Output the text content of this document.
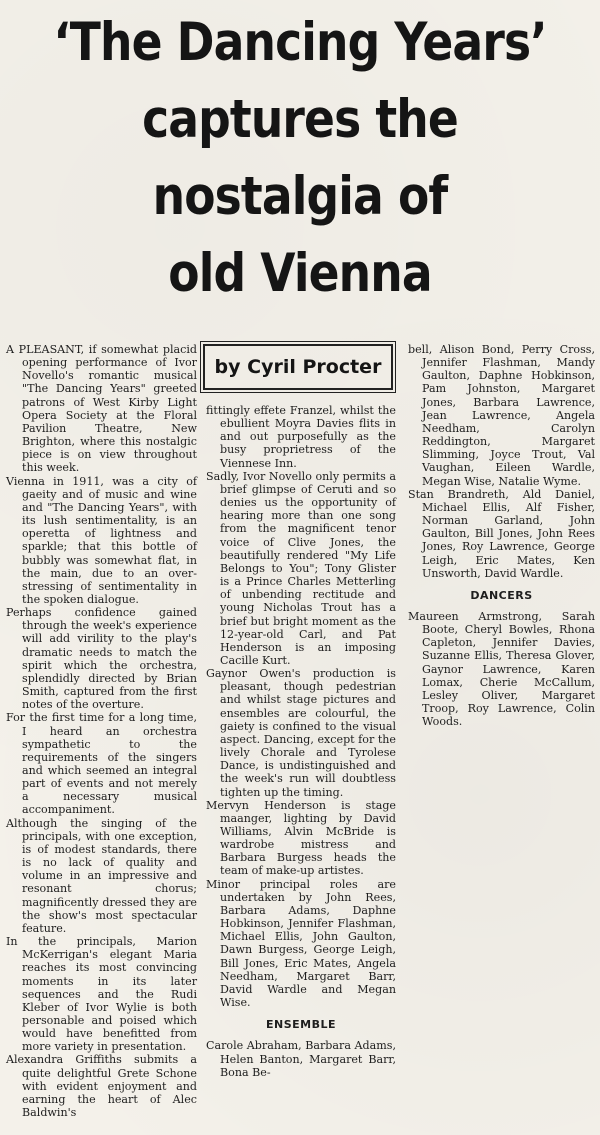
‘The Dancing Years’
captures the
nostalgia of
old Vienna
by Cyril Procter

A PLEASANT, if somewhat placid opening performance of Ivor Novello's romantic musical "The Dancing Years" greeted patrons of West Kirby Light Opera Society at the Floral Pavilion Theatre, New Brighton, where this nostalgic piece is on view throughout this week.

Vienna in 1911, was a city of gaeity and of music and wine and "The Dancing Years", with its lush sentimentality, is an operetta of lightness and sparkle; that this bottle of bubbly was somewhat flat, in the main, due to an over-stressing of sentimentality in the spoken dialogue.

Perhaps confidence gained through the week's experience will add virility to the play's dramatic needs to match the spirit which the orchestra, splendidly directed by Brian Smith, captured from the first notes of the overture.

For the first time for a long time, I heard an orchestra sympathetic to the requirements of the singers and which seemed an integral part of events and not merely a necessary musical accompaniment.

Although the singing of the principals, with one exception, is of modest standards, there is no lack of quality and volume in an impressive and resonant chorus; magnificently dressed they are the show's most spectacular feature.

In the principals, Marion McKerrigan's elegant Maria reaches its most convincing moments in its later sequences and the Rudi Kleber of Ivor Wylie is both personable and poised which would have benefitted from more variety in presentation.

Alexandra Griffiths submits a quite delightful Grete Schone with evident enjoyment and earning the heart of Alec Baldwin's

fittingly effete Franzel, whilst the ebullient Moyra Davies flits in and out purposefully as the busy proprietress of the Viennese Inn.

Sadly, Ivor Novello only permits a brief glimpse of Ceruti and so denies us the opportunity of hearing more than one song from the magnificent tenor voice of Clive Jones, the beautifully rendered "My Life Belongs to You"; Tony Glister is a Prince Charles Metterling of unbending rectitude and young Nicholas Trout has a brief but bright moment as the 12-year-old Carl, and Pat Henderson is an imposing Cacille Kurt.

Gaynor Owen's production is pleasant, though pedestrian and whilst stage pictures and ensembles are colourful, the gaiety is confined to the visual aspect. Dancing, except for the lively Chorale and Tyrolese Dance, is undistinguished and the week's run will doubtless tighten up the timing.

Mervyn Henderson is stage maanger, lighting by David Williams, Alvin McBride is wardrobe mistress and Barbara Burgess heads the team of make-up artistes.

Minor principal roles are undertaken by John Rees, Barbara Adams, Daphne Hobkinson, Jennifer Flashman, Michael Ellis, John Gaulton, Dawn Burgess, George Leigh, Bill Jones, Eric Mates, Angela Needham, Margaret Barr, David Wardle and Megan Wise.

ENSEMBLE

Carole Abraham, Barbara Adams, Helen Banton, Margaret Barr, Bona Be-

bell, Alison Bond, Perry Cross, Jennifer Flashman, Mandy Gaulton, Daphne Hobkinson, Pam Johnston, Margaret Jones, Barbara Lawrence, Jean Lawrence, Angela Needham, Carolyn Reddington, Margaret Slimming, Joyce Trout, Val Vaughan, Eileen Wardle, Megan Wise, Natalie Wyme.

Stan Brandreth, Ald Daniel, Michael Ellis, Alf Fisher, Norman Garland, John Gaulton, Bill Jones, John Rees Jones, Roy Lawrence, George Leigh, Eric Mates, Ken Unsworth, David Wardle.

DANCERS

Maureen Armstrong, Sarah Boote, Cheryl Bowles, Rhona Capleton, Jennifer Davies, Suzanne Ellis, Theresa Glover, Gaynor Lawrence, Karen Lomax, Cherie McCallum, Lesley Oliver, Margaret Troop, Roy Lawrence, Colin Woods.
